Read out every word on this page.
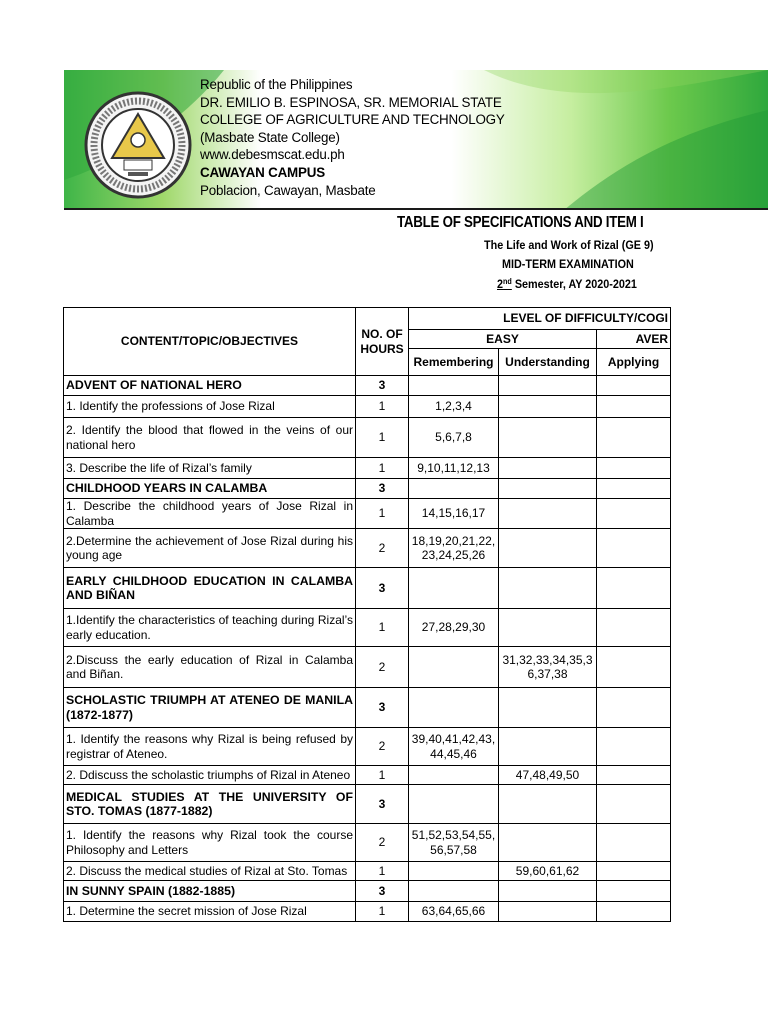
Republic of the Philippines
DR. EMILIO B. ESPINOSA, SR. MEMORIAL STATE
COLLEGE OF AGRICULTURE AND TECHNOLOGY
(Masbate State College)
www.debesmscat.edu.ph
CAWAYAN CAMPUS
Poblacion, Cawayan, Masbate
TABLE OF SPECIFICATIONS AND ITEM I
The Life and Work of Rizal (GE 9)
MID-TERM EXAMINATION
2nd Semester, AY 2020-2021
CONTENT/TOPIC/OBJECTIVES	NO. OF HOURS	LEVEL OF DIFFICULTY/COGI		
		EASY		AVER
		Remembering	Understanding	Applying
ADVENT OF NATIONAL HERO	3			
1. Identify the professions of Jose Rizal	1	1,2,3,4		
2. Identify the blood that flowed in the veins of our national hero	1	5,6,7,8		
3. Describe the life of Rizal’s family	1	9,10,11,12,13		
CHILDHOOD YEARS IN CALAMBA	3			
1. Describe the childhood years of Jose Rizal in Calamba	1	14,15,16,17		
2.Determine the achievement of Jose Rizal during his young age	2	18,19,20,21,22, 23,24,25,26		
EARLY CHILDHOOD EDUCATION IN CALAMBA AND BIÑAN	3			
1.Identify the characteristics of teaching during Rizal’s early education.	1	27,28,29,30		
2.Discuss the early education of Rizal in Calamba and Biñan.	2		31,32,33,34,35,3 6,37,38	
SCHOLASTIC TRIUMPH AT ATENEO DE MANILA (1872-1877)	3			
1. Identify the reasons why Rizal is being refused by registrar of Ateneo.	2	39,40,41,42,43, 44,45,46		
2. Ddiscuss the scholastic triumphs of Rizal in Ateneo	1		47,48,49,50	
MEDICAL STUDIES AT THE UNIVERSITY OF STO. TOMAS (1877-1882)	3			
1. Identify the reasons why Rizal took the course Philosophy and Letters	2	51,52,53,54,55, 56,57,58		
2. Discuss the medical studies of Rizal at Sto. Tomas	1		59,60,61,62	
IN SUNNY SPAIN (1882-1885)	3			
1. Determine the secret mission of Jose Rizal	1	63,64,65,66		
